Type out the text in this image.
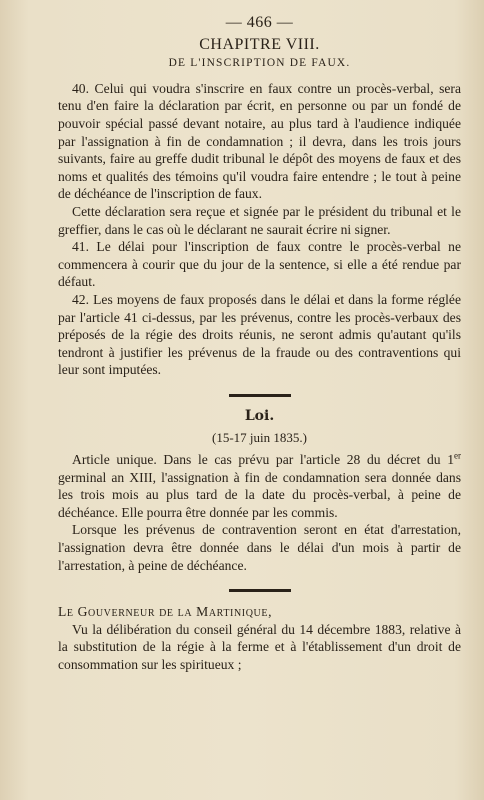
— 466 —
CHAPITRE VIII.
DE L'INSCRIPTION DE FAUX.

40. Celui qui voudra s'inscrire en faux contre un procès-verbal, sera tenu d'en faire la déclaration par écrit, en personne ou par un fondé de pouvoir spécial passé devant notaire, au plus tard à l'audience indiquée par l'assignation à fin de condamnation ; il devra, dans les trois jours suivants, faire au greffe dudit tribunal le dépôt des moyens de faux et des noms et qualités des témoins qu'il voudra faire entendre ; le tout à peine de déchéance de l'inscription de faux.

Cette déclaration sera reçue et signée par le président du tribunal et le greffier, dans le cas où le déclarant ne saurait écrire ni signer.

41. Le délai pour l'inscription de faux contre le procès-verbal ne commencera à courir que du jour de la sentence, si elle a été rendue par défaut.

42. Les moyens de faux proposés dans le délai et dans la forme réglée par l'article 41 ci-dessus, par les prévenus, contre les procès-verbaux des préposés de la régie des droits réunis, ne seront admis qu'autant qu'ils tendront à justifier les prévenus de la fraude ou des contraventions qui leur sont imputées.

Loi.
(15-17 juin 1835.)

Article unique. Dans le cas prévu par l'article 28 du décret du 1er germinal an XIII, l'assignation à fin de condamnation sera donnée dans les trois mois au plus tard de la date du procès-verbal, à peine de déchéance. Elle pourra être donnée par les commis.

Lorsque les prévenus de contravention seront en état d'arrestation, l'assignation devra être donnée dans le délai d'un mois à partir de l'arrestation, à peine de déchéance.

Le Gouverneur de la Martinique,

Vu la délibération du conseil général du 14 décembre 1883, relative à la substitution de la régie à la ferme et à l'établissement d'un droit de consommation sur les spiritueux ;
